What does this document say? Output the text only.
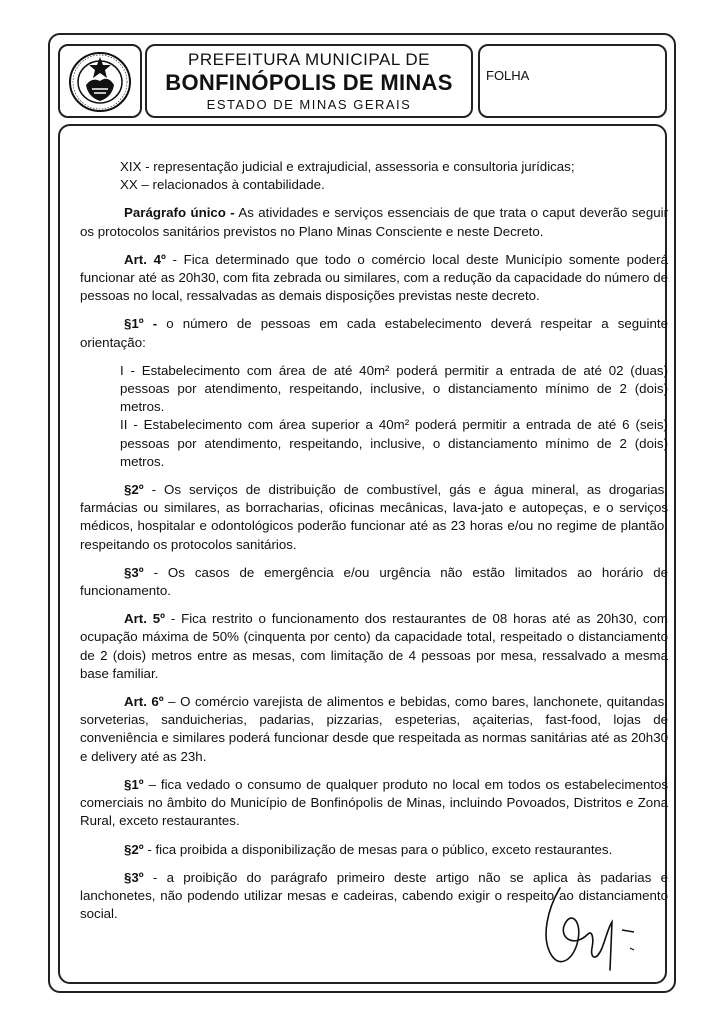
PREFEITURA MUNICIPAL DE
BONFINÓPOLIS DE MINAS
ESTADO DE MINAS GERAIS
FOLHA

XIX - representação judicial e extrajudicial, assessoria e consultoria jurídicas;

XX – relacionados à contabilidade.

Parágrafo único - As atividades e serviços essenciais de que trata o caput deverão seguir os protocolos sanitários previstos no Plano Minas Consciente e neste Decreto.

Art. 4º - Fica determinado que todo o comércio local deste Município somente poderá funcionar até as 20h30, com fita zebrada ou similares, com a redução da capacidade do número de pessoas no local, ressalvadas as demais disposições previstas neste decreto.

§1º - o número de pessoas em cada estabelecimento deverá respeitar a seguinte orientação:

I - Estabelecimento com área de até 40m² poderá permitir a entrada de até 02 (duas) pessoas por atendimento, respeitando, inclusive, o distanciamento mínimo de 2 (dois) metros.

II - Estabelecimento com área superior a 40m² poderá permitir a entrada de até 6 (seis) pessoas por atendimento, respeitando, inclusive, o distanciamento mínimo de 2 (dois) metros.

§2º - Os serviços de distribuição de combustível, gás e água mineral, as drogarias, farmácias ou similares, as borracharias, oficinas mecânicas, lava-jato e autopeças, e o serviços médicos, hospitalar e odontológicos poderão funcionar até as 23 horas e/ou no regime de plantão, respeitando os protocolos sanitários.

§3º - Os casos de emergência e/ou urgência não estão limitados ao horário de funcionamento.

Art. 5º - Fica restrito o funcionamento dos restaurantes de 08 horas até as 20h30, com ocupação máxima de 50% (cinquenta por cento) da capacidade total, respeitado o distanciamento de 2 (dois) metros entre as mesas, com limitação de 4 pessoas por mesa, ressalvado a mesma base familiar.

Art. 6º – O comércio varejista de alimentos e bebidas, como bares, lanchonete, quitandas, sorveterias, sanduicherias, padarias, pizzarias, espeterias, açaiterias, fast-food, lojas de conveniência e similares poderá funcionar desde que respeitada as normas sanitárias até as 20h30 e delivery até as 23h.

§1º – fica vedado o consumo de qualquer produto no local em todos os estabelecimentos comerciais no âmbito do Município de Bonfinópolis de Minas, incluindo Povoados, Distritos e Zona Rural, exceto restaurantes.

§2º - fica proibida a disponibilização de mesas para o público, exceto restaurantes.

§3º - a proibição do parágrafo primeiro deste artigo não se aplica às padarias e lanchonetes, não podendo utilizar mesas e cadeiras, cabendo exigir o respeito ao distanciamento social.
